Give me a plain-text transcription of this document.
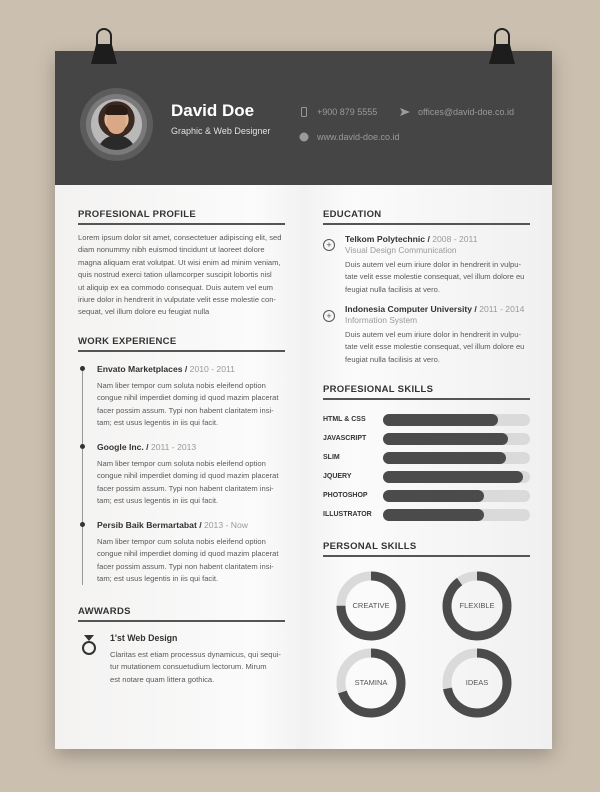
David Doe
Graphic & Web Designer
+900 879 5555	offices@david-doe.co.id
www.david-doe.co.id
PROFESIONAL PROFILE
Lorem ipsum dolor sit amet, consectetuer adipiscing elit, sed
diam nonummy nibh euismod tincidunt ut laoreet dolore
magna aliquam erat volutpat. Ut wisi enim ad minim veniam,
quis nostrud exerci tation ullamcorper suscipit lobortis nisl
ut aliquip ex ea commodo consequat. Duis autem vel eum
iriure dolor in hendrerit in vulputate velit esse molestie con-
sequat, vel illum dolore eu feugiat nulla
WORK EXPERIENCE
Envato Marketplaces / 2010 - 2011
Nam liber tempor cum soluta nobis eleifend option
congue nihil imperdiet doming id quod mazim placerat
facer possim assum. Typi non habent claritatem insi-
tam; est usus legentis in iis qui facit.
Google Inc. / 2011 - 2013
Nam liber tempor cum soluta nobis eleifend option
congue nihil imperdiet doming id quod mazim placerat
facer possim assum. Typi non habent claritatem insi-
tam; est usus legentis in iis qui facit.
Persib Baik Bermartabat / 2013 - Now
Nam liber tempor cum soluta nobis eleifend option
congue nihil imperdiet doming id quod mazim placerat
facer possim assum. Typi non habent claritatem insi-
tam; est usus legentis in iis qui facit.
AWWARDS
1'st Web Design
Claritas est etiam processus dynamicus, qui sequi-
tur mutationem consuetudium lectorum. Mirum
est notare quam littera gothica.
EDUCATION
+
Telkom Polytechnic / 2008 - 2011
Visual Design Communication
Duis autem vel eum iriure dolor in hendrerit in vulpu-
tate velit esse molestie consequat, vel illum dolore eu
feugiat nulla facilisis at vero.
+
Indonesia Computer University / 2011 - 2014
Information System
Duis autem vel eum iriure dolor in hendrerit in vulpu-
tate velit esse molestie consequat, vel illum dolore eu
feugiat nulla facilisis at vero.
PROFESIONAL SKILLS
HTML & CSS
JAVASCRIPT
SLIM
JQUERY
PHOTOSHOP
ILLUSTRATOR
PERSONAL SKILLS
CREATIVE	FLEXIBLE
STAMINA	IDEAS
